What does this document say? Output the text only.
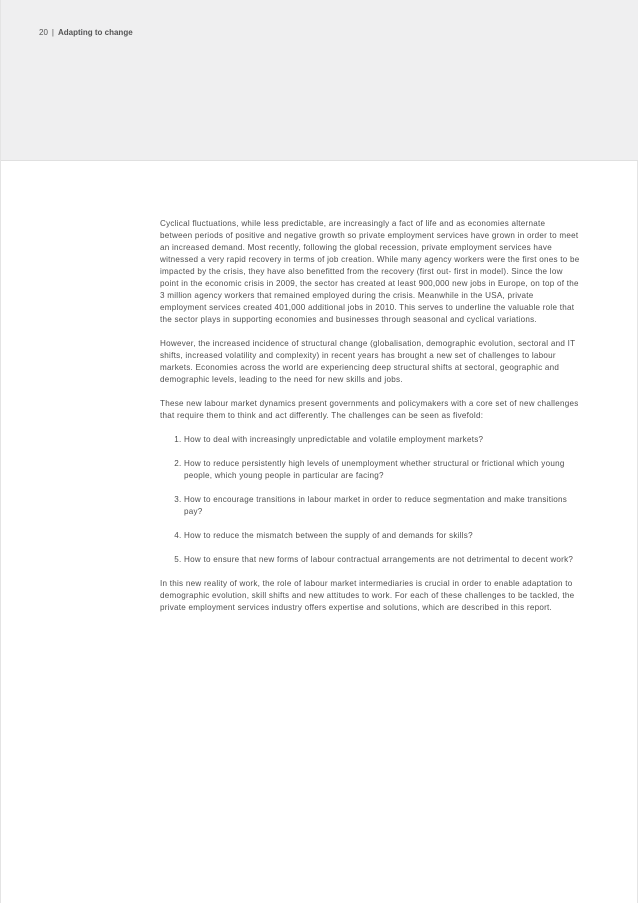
20 | Adapting to change

Cyclical fluctuations, while less predictable, are increasingly a fact of life and as economies alternate between periods of positive and negative growth so private employment services have grown in order to meet an increased demand. Most recently, following the global recession, private employment services have witnessed a very rapid recovery in terms of job creation. While many agency workers were the first ones to be impacted by the crisis, they have also benefitted from the recovery (first out- first in model). Since the low point in the economic crisis in 2009, the sector has created at least 900,000 new jobs in Europe, on top of the 3 million agency workers that remained employed during the crisis. Meanwhile in the USA, private employment services created 401,000 additional jobs in 2010. This serves to underline the valuable role that the sector plays in supporting economies and businesses through seasonal and cyclical variations.

However, the increased incidence of structural change (globalisation, demographic evolution, sectoral and IT shifts, increased volatility and complexity) in recent years has brought a new set of challenges to labour markets. Economies across the world are experiencing deep structural shifts at sectoral, geographic and demographic levels, leading to the need for new skills and jobs.

These new labour market dynamics present governments and policymakers with a core set of new challenges that require them to think and act differently. The challenges can be seen as fivefold:

1. How to deal with increasingly unpredictable and volatile employment markets?
2. How to reduce persistently high levels of unemployment whether structural or frictional which young people, which young people in particular are facing?
3. How to encourage transitions in labour market in order to reduce segmentation and make transitions pay?
4. How to reduce the mismatch between the supply of and demands for skills?
5. How to ensure that new forms of labour contractual arrangements are not detrimental to decent work?

In this new reality of work, the role of labour market intermediaries is crucial in order to enable adaptation to demographic evolution, skill shifts and new attitudes to work. For each of these challenges to be tackled, the private employment services industry offers expertise and solutions, which are described in this report.
